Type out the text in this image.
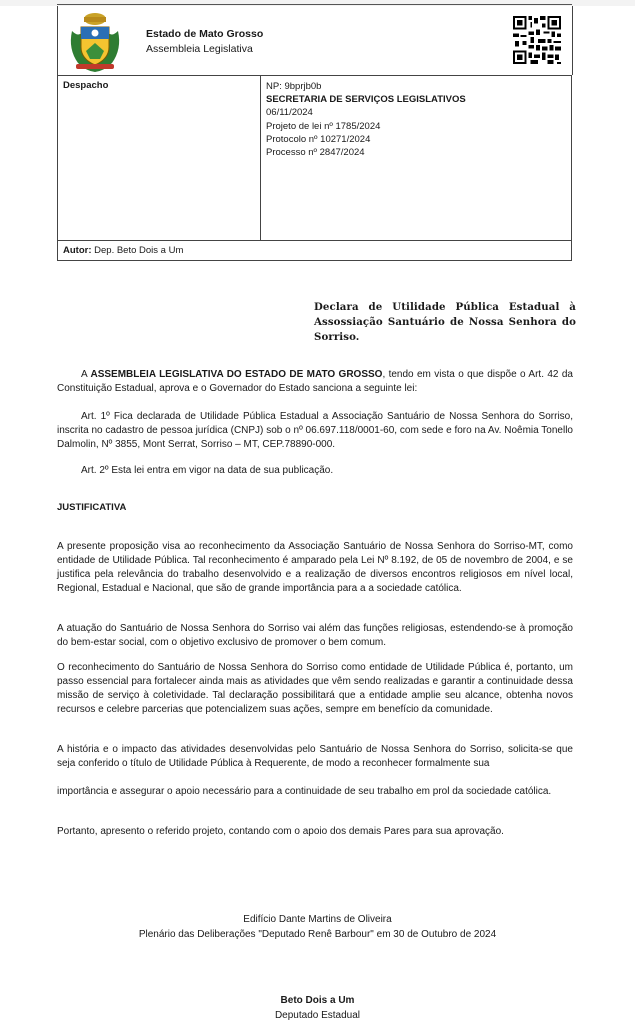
Estado de Mato Grosso
Assembleia Legislativa
Despacho	NP: 9bprjb0b
SECRETARIA DE SERVIÇOS LEGISLATIVOS
06/11/2024
Projeto de lei nº 1785/2024
Protocolo nº 10271/2024
Processo nº 2847/2024
Autor: Dep. Beto Dois a Um
Declara de Utilidade Pública Estadual à Assossiação Santuário de Nossa Senhora do Sorriso.

A ASSEMBLEIA LEGISLATIVA DO ESTADO DE MATO GROSSO, tendo em vista o que dispõe o Art. 42 da Constituição Estadual, aprova e o Governador do Estado sanciona a seguinte lei:

Art. 1º Fica declarada de Utilidade Pública Estadual a Associação Santuário de Nossa Senhora do Sorriso, inscrita no cadastro de pessoa jurídica (CNPJ) sob o nº 06.697.118/0001-60, com sede e foro na Av. Noêmia Tonello Dalmolin, Nº 3855, Mont Serrat, Sorriso – MT, CEP.78890-000.

Art. 2º Esta lei entra em vigor na data de sua publicação.

JUSTIFICATIVA

A presente proposição visa ao reconhecimento da Associação Santuário de Nossa Senhora do Sorriso-MT, como entidade de Utilidade Pública. Tal reconhecimento é amparado pela Lei Nº 8.192, de 05 de novembro de 2004, e se justifica pela relevância do trabalho desenvolvido e a realização de diversos encontros religiosos em nível local, Regional, Estadual e Nacional, que são de grande importância para a a sociedade católica.

A atuação do Santuário de Nossa Senhora do Sorriso vai além das funções religiosas, estendendo-se à promoção do bem-estar social, com o objetivo exclusivo de promover o bem comum.

O reconhecimento do Santuário de Nossa Senhora do Sorriso como entidade de Utilidade Pública é, portanto, um passo essencial para fortalecer ainda mais as atividades que vêm sendo realizadas e garantir a continuidade dessa missão de serviço à coletividade. Tal declaração possibilitará que a entidade amplie seu alcance, obtenha novos recursos e celebre parcerias que potencializem suas ações, sempre em benefício da comunidade.

A história e o impacto das atividades desenvolvidas pelo Santuário de Nossa Senhora do Sorriso, solicita-se que seja conferido o título de Utilidade Pública à Requerente, de modo a reconhecer formalmente sua

importância e assegurar o apoio necessário para a continuidade de seu trabalho em prol da sociedade católica.

Portanto, apresento o referido projeto, contando com o apoio dos demais Pares para sua aprovação.

Edifício Dante Martins de Oliveira
Plenário das Deliberações "Deputado Renê Barbour" em 30 de Outubro de 2024
Beto Dois a Um
Deputado Estadual
